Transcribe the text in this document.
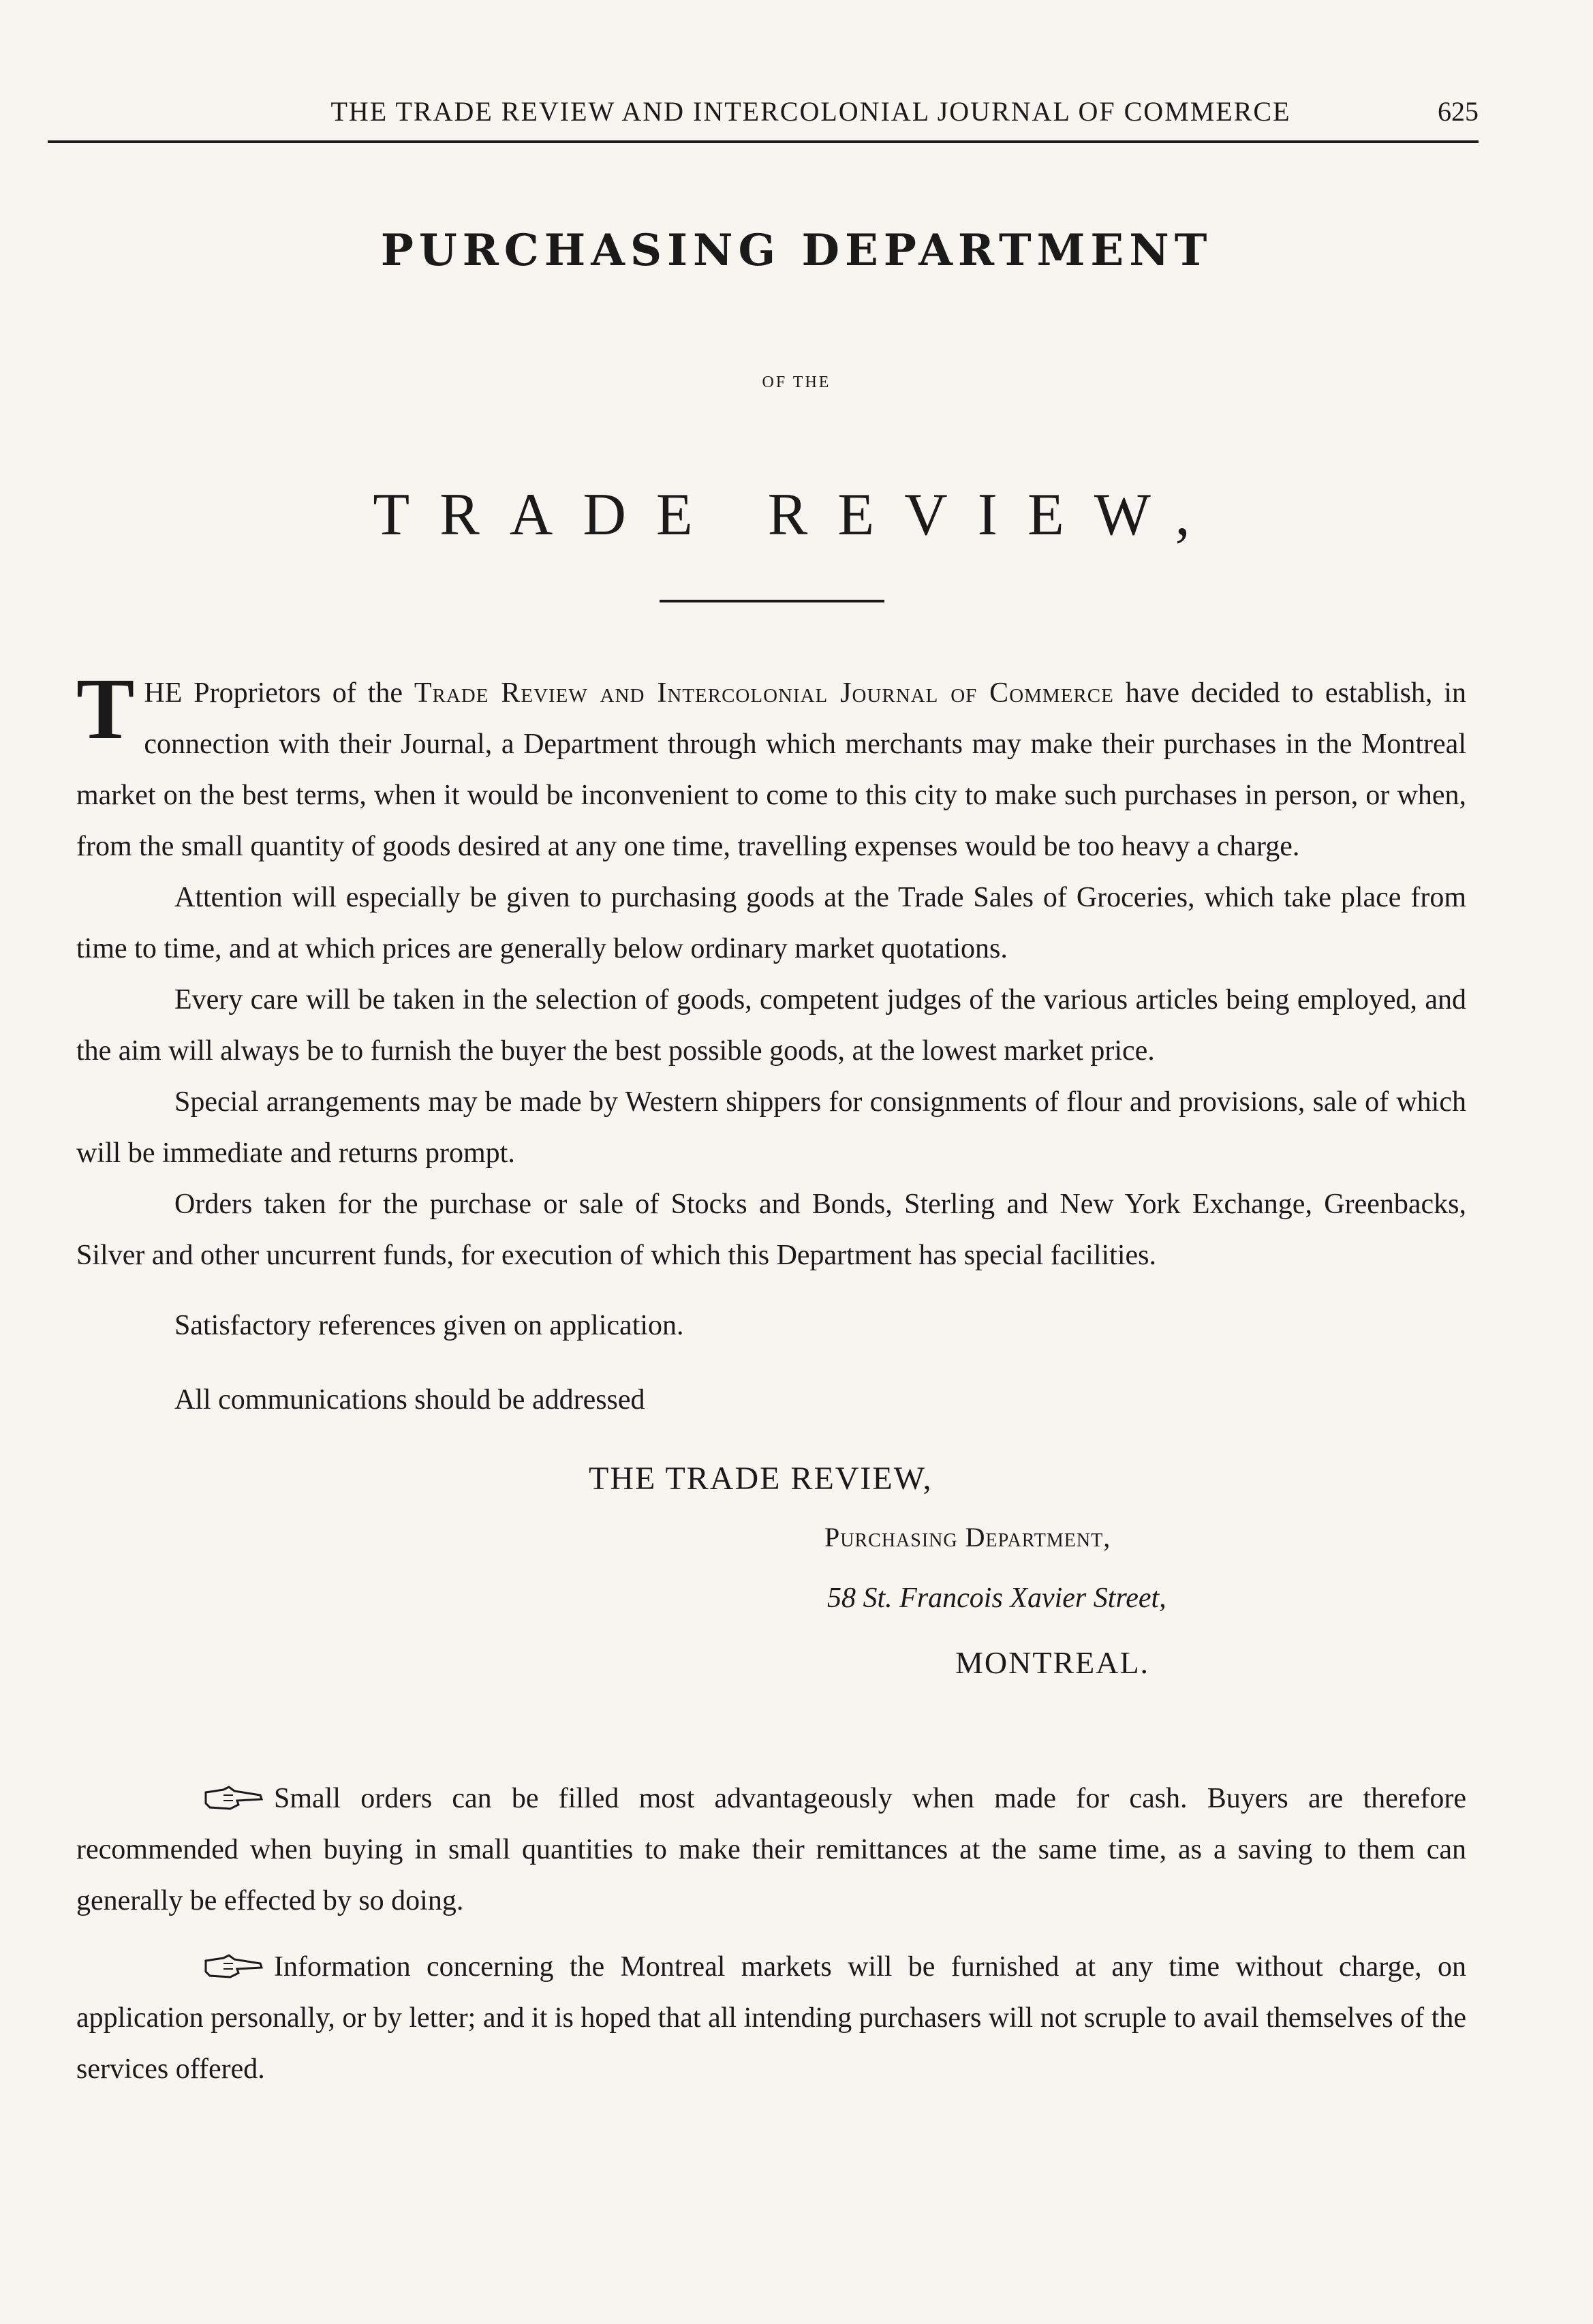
THE TRADE REVIEW AND INTERCOLONIAL JOURNAL OF COMMERCE	625
PURCHASING DEPARTMENT
OF THE
TRADE REVIEW,

THE Proprietors of the Trade Review and Intercolonial Journal of Commerce have decided to establish, in connection with their Journal, a Department through which merchants may make their purchases in the Montreal market on the best terms, when it would be inconvenient to come to this city to make such purchases in person, or when, from the small quantity of goods desired at any one time, travelling expenses would be too heavy a charge.

Attention will especially be given to purchasing goods at the Trade Sales of Groceries, which take place from time to time, and at which prices are generally below ordinary market quotations.

Every care will be taken in the selection of goods, competent judges of the various articles being employed, and the aim will always be to furnish the buyer the best possible goods, at the lowest market price.

Special arrangements may be made by Western shippers for consignments of flour and provisions, sale of which will be immediate and returns prompt.

Orders taken for the purchase or sale of Stocks and Bonds, Sterling and New York Exchange, Greenbacks, Silver and other uncurrent funds, for execution of which this Department has special facilities.

Satisfactory references given on application.

All communications should be addressed

THE TRADE REVIEW,
Purchasing Department,
58 St. Francois Xavier Street,
MONTREAL.

Small orders can be filled most advantageously when made for cash. Buyers are therefore recommended when buying in small quantities to make their remittances at the same time, as a saving to them can generally be effected by so doing.

Information concerning the Montreal markets will be furnished at any time without charge, on application personally, or by letter; and it is hoped that all intending purchasers will not scruple to avail themselves of the services offered.
